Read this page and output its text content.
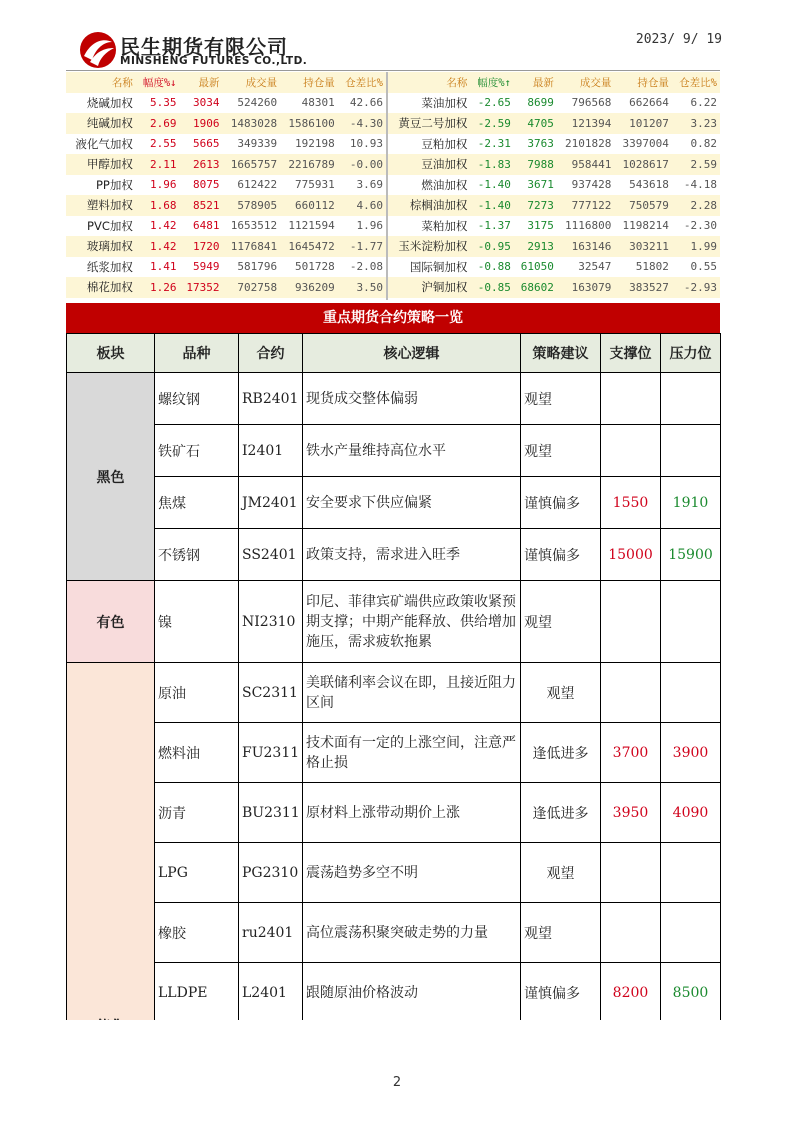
民生期货有限公司
MINSHENG FUTURES CO.,LTD.
2023/ 9/ 19
名称	幅度%↓	最新	成交量	持仓量	仓差比%
烧碱加权	5.35	3034	524260	48301	42.66
纯碱加权	2.69	1906	1483028	1586100	-4.30
液化气加权	2.55	5665	349339	192198	10.93
甲醇加权	2.11	2613	1665757	2216789	-0.00
PP加权	1.96	8075	612422	775931	3.69
塑料加权	1.68	8521	578905	660112	4.60
PVC加权	1.42	6481	1653512	1121594	1.96
玻璃加权	1.42	1720	1176841	1645472	-1.77
纸浆加权	1.41	5949	581796	501728	-2.08
棉花加权	1.26	17352	702758	936209	3.50
名称	幅度%↑	最新	成交量	持仓量	仓差比%
菜油加权	-2.65	8699	796568	662664	6.22
黄豆二号加权	-2.59	4705	121394	101207	3.23
豆粕加权	-2.31	3763	2101828	3397004	0.82
豆油加权	-1.83	7988	958441	1028617	2.59
燃油加权	-1.40	3671	937428	543618	-4.18
棕榈油加权	-1.40	7273	777122	750579	2.28
菜粕加权	-1.37	3175	1116800	1198214	-2.30
玉米淀粉加权	-0.95	2913	163146	303211	1.99
国际铜加权	-0.88	61050	32547	51802	0.55
沪铜加权	-0.85	68602	163079	383527	-2.93
重点期货合约策略一览
板块	品种	合约	核心逻辑	策略建议	支撑位	压力位
黑色	螺纹钢	RB2401	现货成交整体偏弱	观望		
	铁矿石	I2401	铁水产量维持高位水平	观望		
	焦煤	JM2401	安全要求下供应偏紧	谨慎偏多	1550	1910
	不锈钢	SS2401	政策支持，需求进入旺季	谨慎偏多	15000	15900
有色	镍	NI2310	印尼、菲律宾矿端供应政策收紧预期支撑；中期产能释放、供给增加施压，需求疲软拖累	观望		

	原油	SC2311	美联储利率会议在即，且接近阻力区间	观望		
	燃料油	FU2311	技术面有一定的上涨空间，注意严格止损	逢低进多	3700	3900
	沥青	BU2311	原材料上涨带动期价上涨	逢低进多	3950	4090
	LPG	PG2310	震荡趋势多空不明	观望		
	橡胶	ru2401	高位震荡积聚突破走势的力量	观望		
	LLDPE	L2401	跟随原油价格波动	谨慎偏多	8200	8500
2
